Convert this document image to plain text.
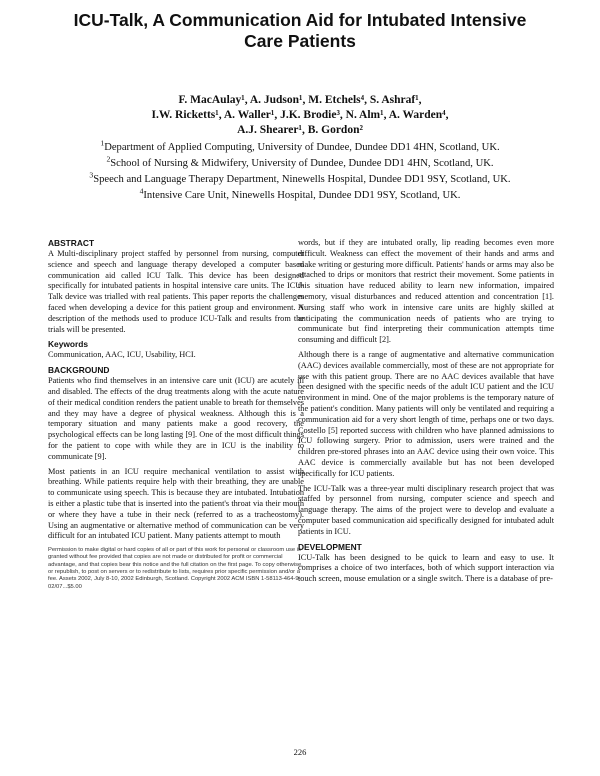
ICU-Talk, A Communication Aid for Intubated Intensive
Care Patients
F. MacAulay¹, A. Judson¹, M. Etchels⁴, S. Ashraf¹,
I.W. Ricketts¹, A. Waller¹, J.K. Brodie³, N. Alm¹, A. Warden⁴,
A.J. Shearer¹, B. Gordon²
$^1$Department of Applied Computing, University of Dundee, Dundee DD1 4HN, Scotland, UK.
$^2$School of Nursing & Midwifery, University of Dundee, Dundee DD1 4HN, Scotland, UK.
$^3$Speech and Language Therapy Department, Ninewells Hospital, Dundee DD1 9SY, Scotland, UK.
$^4$Intensive Care Unit, Ninewells Hospital, Dundee DD1 9SY, Scotland, UK.
ABSTRACT

A Multi-disciplinary project staffed by personnel from nursing, computer science and speech and language therapy developed a computer based communication aid called ICU Talk. This device has been designed specifically for intubated patients in hospital intensive care units. The ICU-Talk device was trialled with real patients. This paper reports the challenges faced when developing a device for this patient group and environment. A description of the methods used to produce ICU-Talk and results from the trials will be presented.

Keywords

Communication, AAC, ICU, Usability, HCI.

BACKGROUND

Patients who find themselves in an intensive care unit (ICU) are acutely ill and disabled. The effects of the drug treatments along with the acute nature of their medical condition renders the patient unable to breath for themselves and they may have a degree of physical weakness. Although this is a temporary situation and many patients make a good recovery, the psychological effects can be long lasting [9]. One of the most difficult things for the patient to cope with while they are in ICU is the inability to communicate [9].

Most patients in an ICU require mechanical ventilation to assist with breathing. While patients require help with their breathing, they are unable to communicate using speech. This is because they are intubated. Intubation is either a plastic tube that is inserted into the patient's throat via their mouth or where they have a tube in their neck (referred to as a tracheostomy). Using an augmentative or alternative method of communication can be very difficult for an intubated ICU patient. Many patients attempt to mouth

Permission to make digital or hard copies of all or part of this work for personal or classroom use is granted without fee provided that copies are not made or distributed for profit or commercial advantage, and that copies bear this notice and the full citation on the first page. To copy otherwise, or republish, to post on servers or to redistribute to lists, requires prior specific permission and/or a fee. Assets 2002, July 8-10, 2002 Edinburgh, Scotland. Copyright 2002 ACM ISBN 1-58113-464-9-02/07...$5.00

words, but if they are intubated orally, lip reading becomes even more difficult. Weakness can effect the movement of their hands and arms and make writing or gesturing more difficult. Patients' hands or arms may also be attached to drips or monitors that restrict their movement. Some patients in this situation have reduced ability to learn new information, impaired memory, visual disturbances and reduced attention and concentration [1]. Nursing staff who work in intensive care units are highly skilled at anticipating the communication needs of patients who are trying to communicate but find interpreting their communication attempts time consuming and difficult [2].

Although there is a range of augmentative and alternative communication (AAC) devices available commercially, most of these are not appropriate for use with this patient group. There are no AAC devices available that have been designed with the specific needs of the adult ICU patient and the ICU environment in mind. One of the major problems is the temporary nature of the patient's condition. Many patients will only be ventilated and requiring a communication aid for a very short length of time, perhaps one or two days. Costello [5] reported success with children who have planned admissions to ICU following surgery. Prior to admission, users were trained and the children pre-stored phrases into an AAC device using their own voice. This AAC device is commercially available but has not been developed specifically for ICU patients.

The ICU-Talk was a three-year multi disciplinary research project that was staffed by personnel from nursing, computer science and speech and language therapy. The aims of the project were to develop and evaluate a computer based communication aid specifically designed for intubated adult patients in ICU.

DEVELOPMENT

ICU-Talk has been designed to be quick to learn and easy to use. It comprises a choice of two interfaces, both of which support interaction via touch screen, mouse emulation or a single switch. There is a database of pre-

226
